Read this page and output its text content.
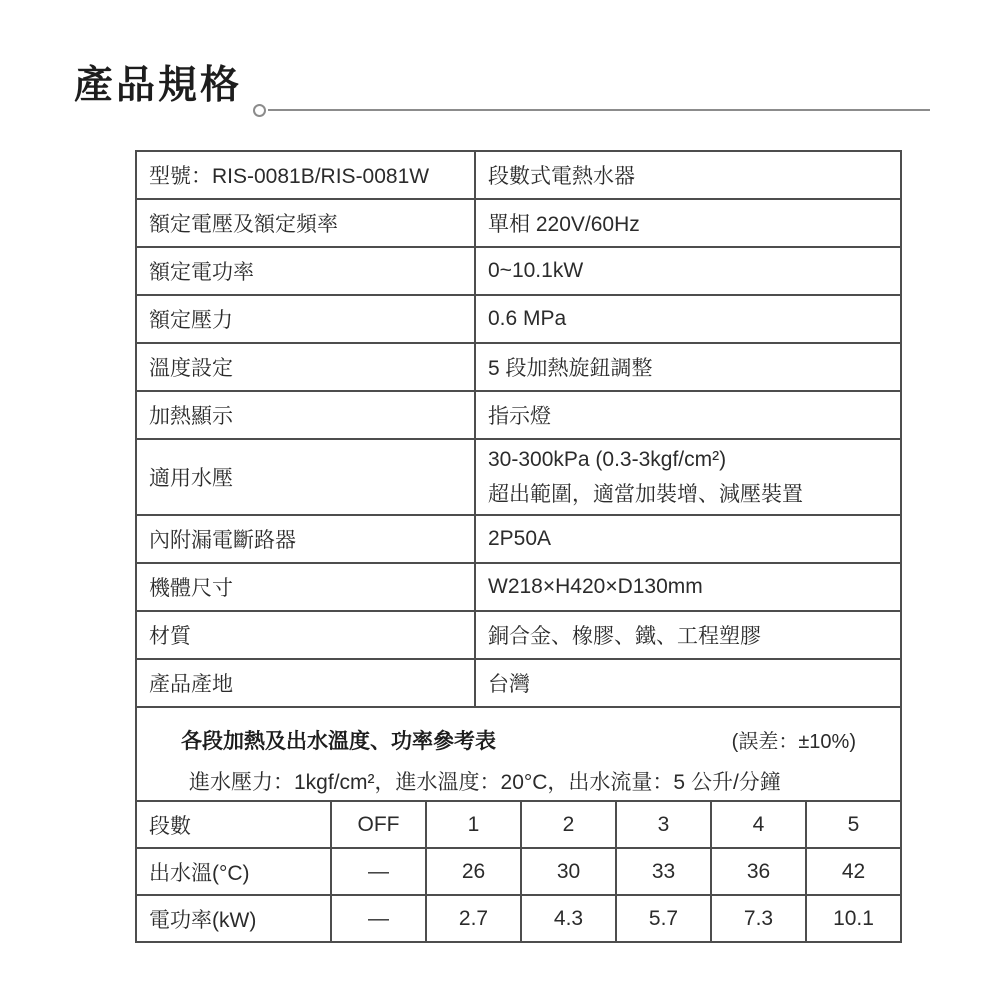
產品規格
型號：RIS-0081B/RIS-0081W	段數式電熱水器
額定電壓及額定頻率	單相 220V/60Hz
額定電功率	0~10.1kW
額定壓力	0.6 MPa
溫度設定	5 段加熱旋鈕調整
加熱顯示	指示燈
適用水壓	30-300kPa (0.3-3kgf/cm²)
超出範圍，適當加裝增、減壓裝置

內附漏電斷路器	2P50A
機體尺寸	W218×H420×D130mm
材質	銅合金、橡膠、鐵、工程塑膠
產品產地	台灣

各段加熱及出水溫度、功率參考表 (誤差：±10%)
進水壓力：1kgf/cm²，進水溫度：20°C，出水流量：5 公升/分鐘	
段數	OFF	1	2	3	4	5
出水溫(°C)	—	26	30	33	36	42
電功率(kW)	—	2.7	4.3	5.7	7.3	10.1
